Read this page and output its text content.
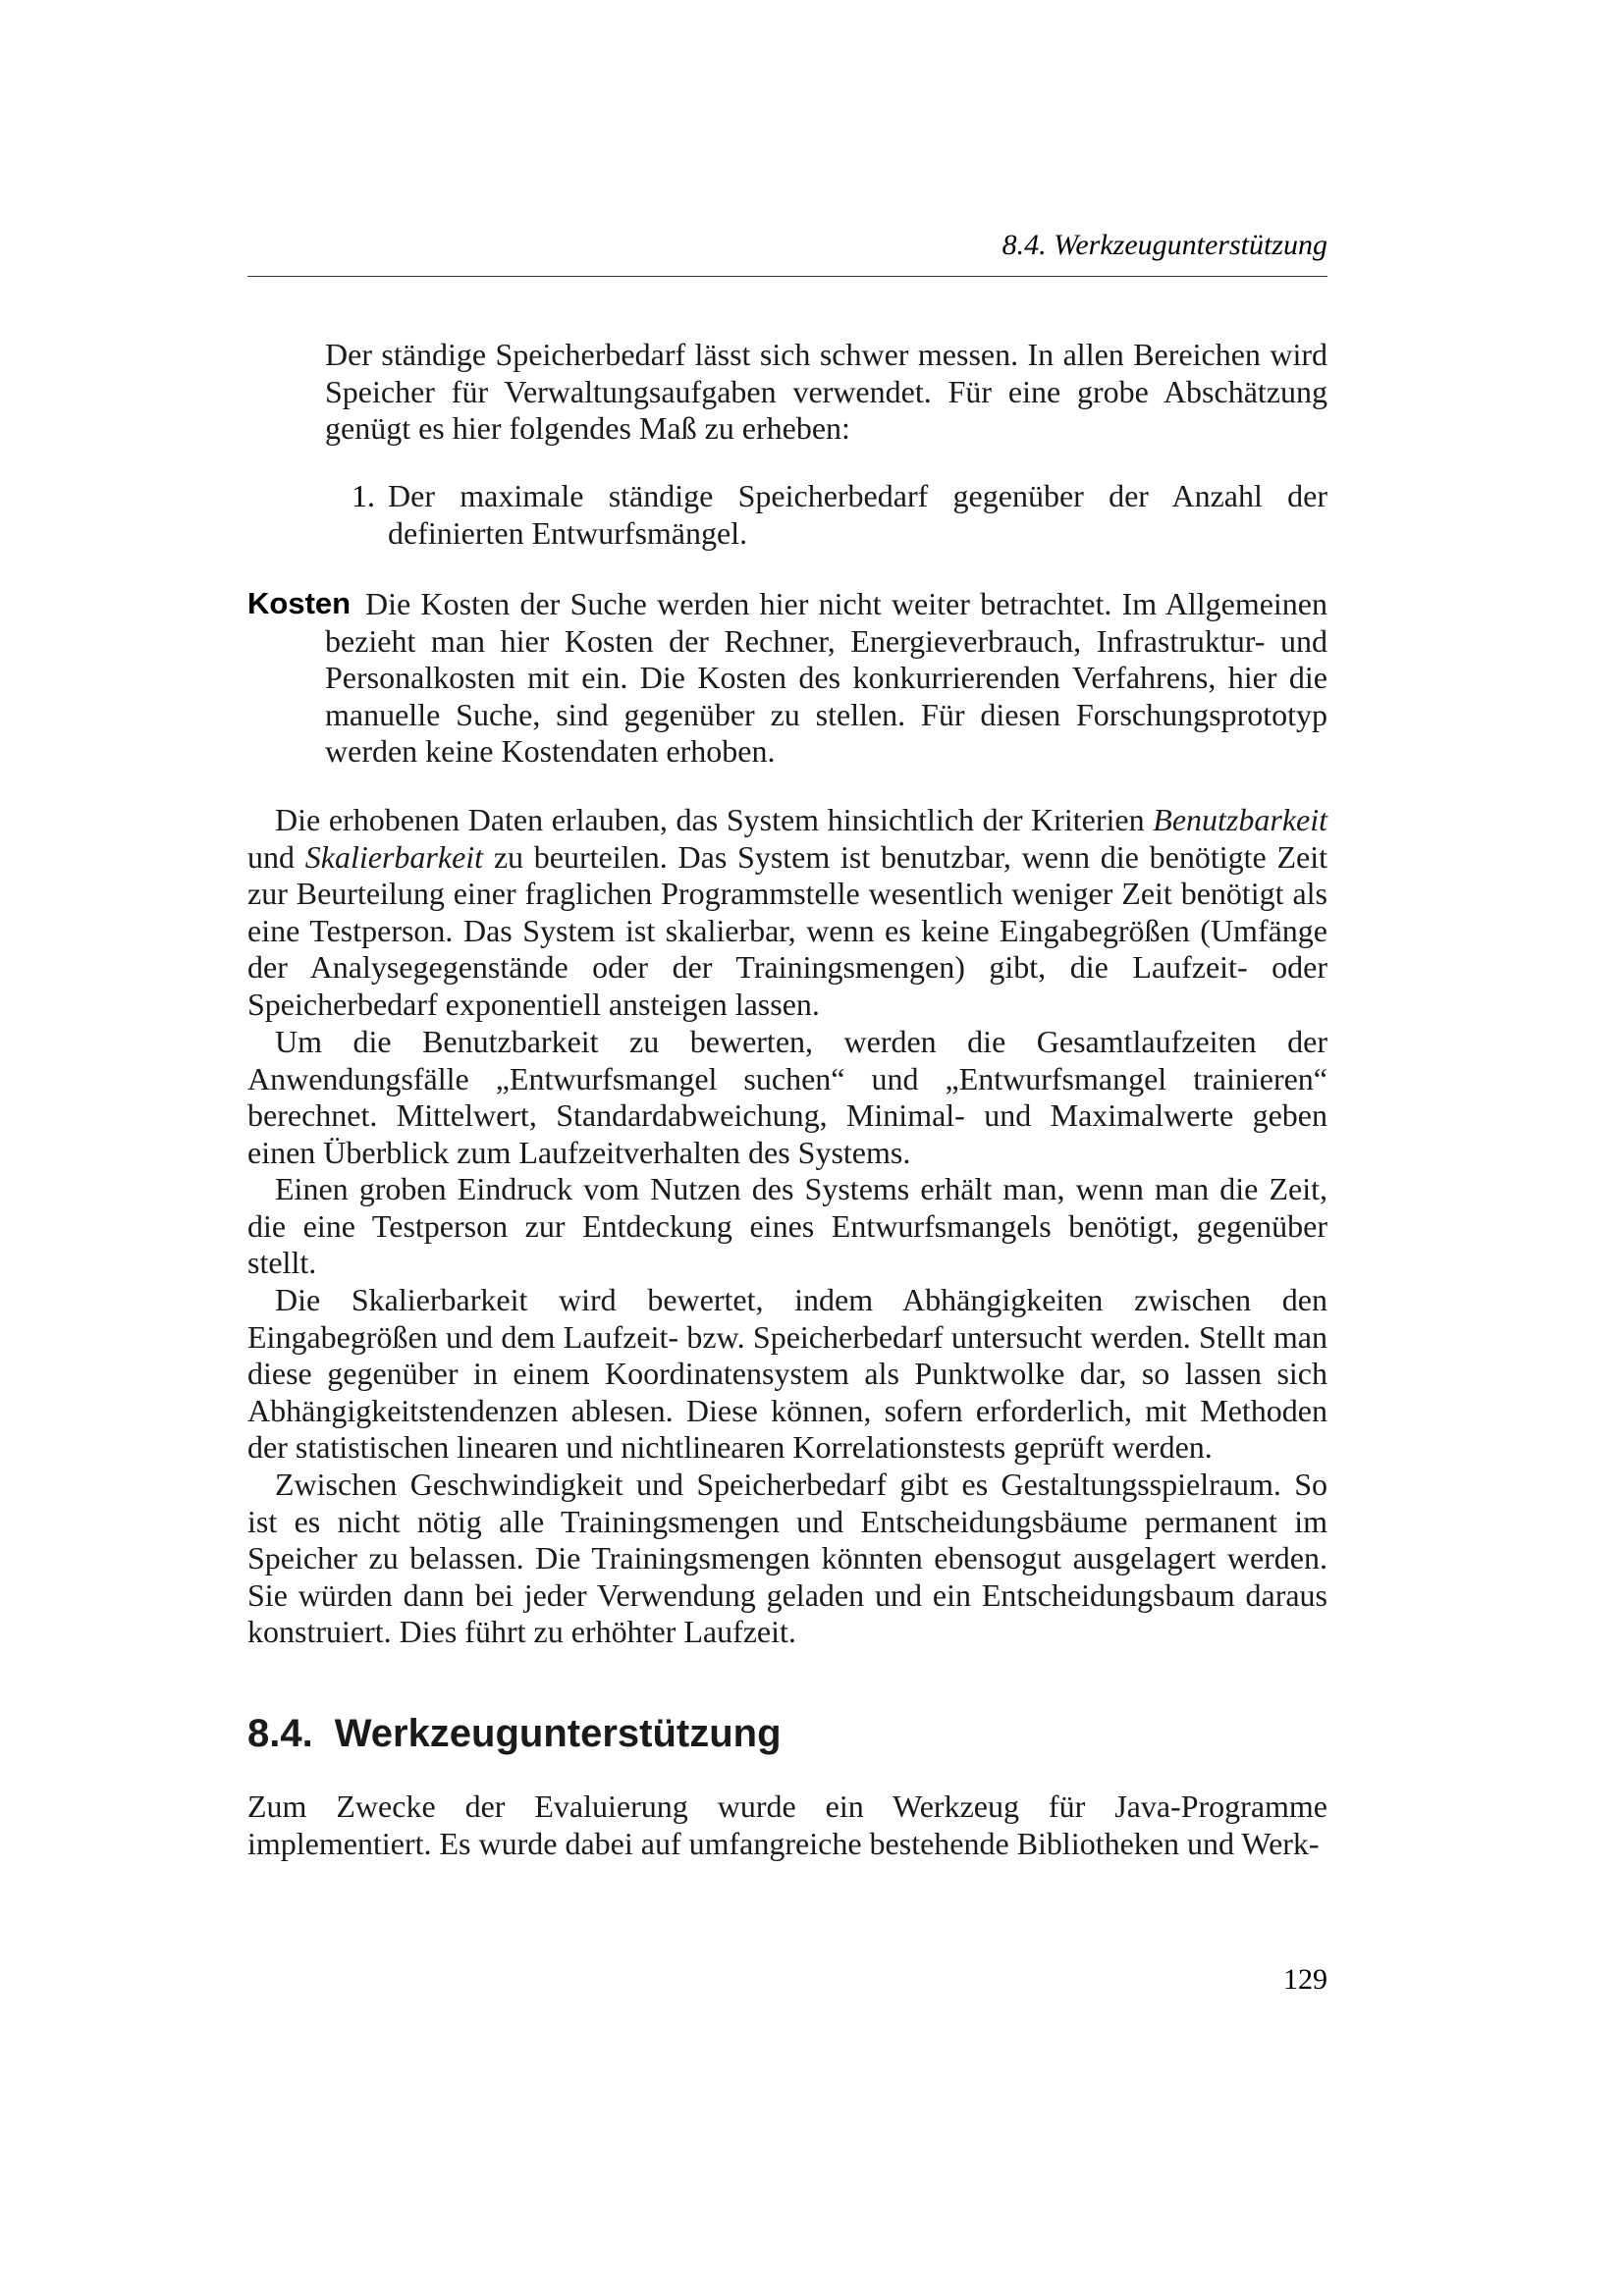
8.4. Werkzeugunterstützung
Der ständige Speicherbedarf lässt sich schwer messen. In allen Bereichen wird Speicher für Verwaltungsaufgaben verwendet. Für eine grobe Abschätzung genügt es hier folgendes Maß zu erheben:
1. Der maximale ständige Speicherbedarf gegenüber der Anzahl der definierten Entwurfsmängel.
Kosten Die Kosten der Suche werden hier nicht weiter betrachtet. Im Allgemeinen bezieht man hier Kosten der Rechner, Energieverbrauch, Infrastruktur- und Personalkosten mit ein. Die Kosten des konkurrierenden Verfahrens, hier die manuelle Suche, sind gegenüber zu stellen. Für diesen Forschungsprototyp werden keine Kostendaten erhoben.
Die erhobenen Daten erlauben, das System hinsichtlich der Kriterien Benutzbarkeit und Skalierbarkeit zu beurteilen. Das System ist benutzbar, wenn die benötigte Zeit zur Beurteilung einer fraglichen Programmstelle wesentlich weniger Zeit benötigt als eine Testperson. Das System ist skalierbar, wenn es keine Eingabegrößen (Umfänge der Analysegegenstände oder der Trainingsmengen) gibt, die Laufzeit- oder Speicherbedarf exponentiell ansteigen lassen.
Um die Benutzbarkeit zu bewerten, werden die Gesamtlaufzeiten der Anwendungsfälle „Entwurfsmangel suchen“ und „Entwurfsmangel trainieren“ berechnet. Mittelwert, Standardabweichung, Minimal- und Maximalwerte geben einen Überblick zum Laufzeitverhalten des Systems.
Einen groben Eindruck vom Nutzen des Systems erhält man, wenn man die Zeit, die eine Testperson zur Entdeckung eines Entwurfsmangels benötigt, gegenüber stellt.
Die Skalierbarkeit wird bewertet, indem Abhängigkeiten zwischen den Eingabegrößen und dem Laufzeit- bzw. Speicherbedarf untersucht werden. Stellt man diese gegenüber in einem Koordinatensystem als Punktwolke dar, so lassen sich Abhängigkeitstendenzen ablesen. Diese können, sofern erforderlich, mit Methoden der statistischen linearen und nichtlinearen Korrelationstests geprüft werden.
Zwischen Geschwindigkeit und Speicherbedarf gibt es Gestaltungsspielraum. So ist es nicht nötig alle Trainingsmengen und Entscheidungsbäume permanent im Speicher zu belassen. Die Trainingsmengen könnten ebensogut ausgelagert werden. Sie würden dann bei jeder Verwendung geladen und ein Entscheidungsbaum daraus konstruiert. Dies führt zu erhöhter Laufzeit.
8.4. Werkzeugunterstützung
Zum Zwecke der Evaluierung wurde ein Werkzeug für Java-Programme implementiert. Es wurde dabei auf umfangreiche bestehende Bibliotheken und Werk-
129
